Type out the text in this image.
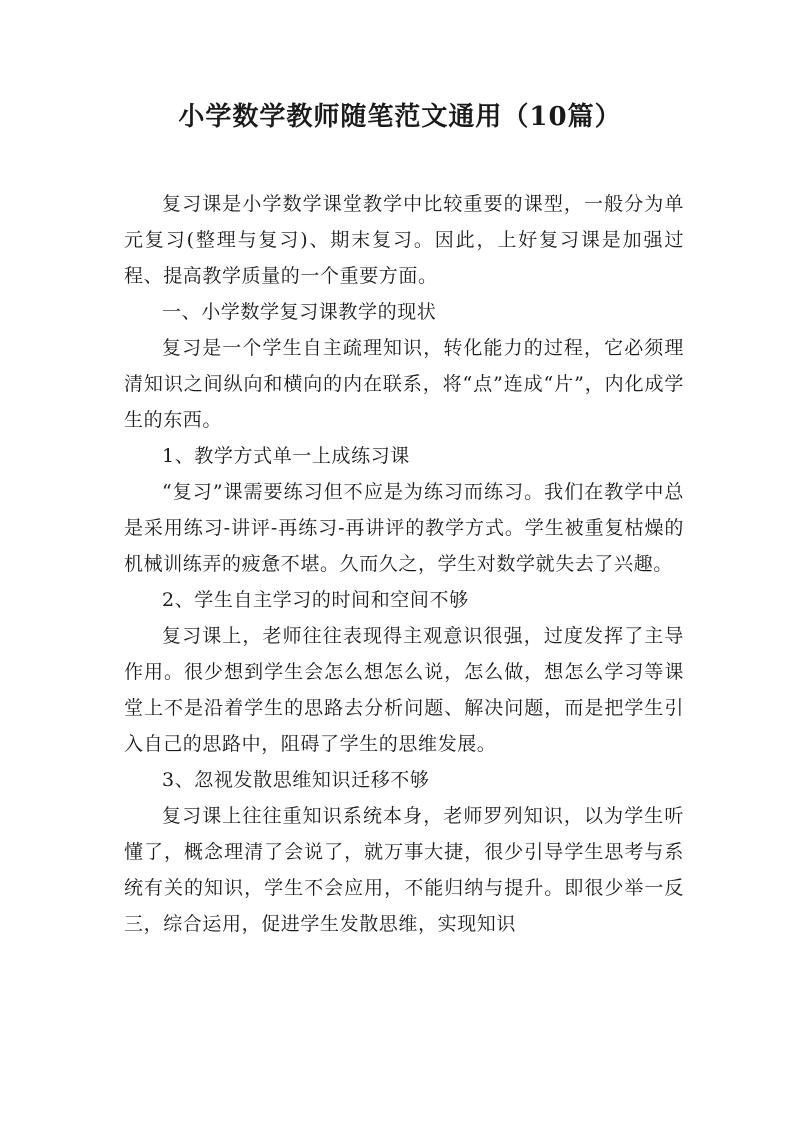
小学数学教师随笔范文通用（10篇）

复习课是小学数学课堂教学中比较重要的课型，一般分为单元复习(整理与复习)、期末复习。因此，上好复习课是加强过程、提高教学质量的一个重要方面。

一、小学数学复习课教学的现状

复习是一个学生自主疏理知识，转化能力的过程，它必须理清知识之间纵向和横向的内在联系，将“点”连成“片”，内化成学生的东西。

1、教学方式单一上成练习课

“复习”课需要练习但不应是为练习而练习。我们在教学中总是采用练习-讲评-再练习-再讲评的教学方式。学生被重复枯燥的机械训练弄的疲惫不堪。久而久之，学生对数学就失去了兴趣。

2、学生自主学习的时间和空间不够

复习课上，老师往往表现得主观意识很强，过度发挥了主导作用。很少想到学生会怎么想怎么说，怎么做，想怎么学习等课堂上不是沿着学生的思路去分析问题、解决问题，而是把学生引入自己的思路中，阻碍了学生的思维发展。

3、忽视发散思维知识迁移不够

复习课上往往重知识系统本身，老师罗列知识，以为学生听懂了，概念理清了会说了，就万事大捷，很少引导学生思考与系统有关的知识，学生不会应用，不能归纳与提升。即很少举一反三，综合运用，促进学生发散思维，实现知识
